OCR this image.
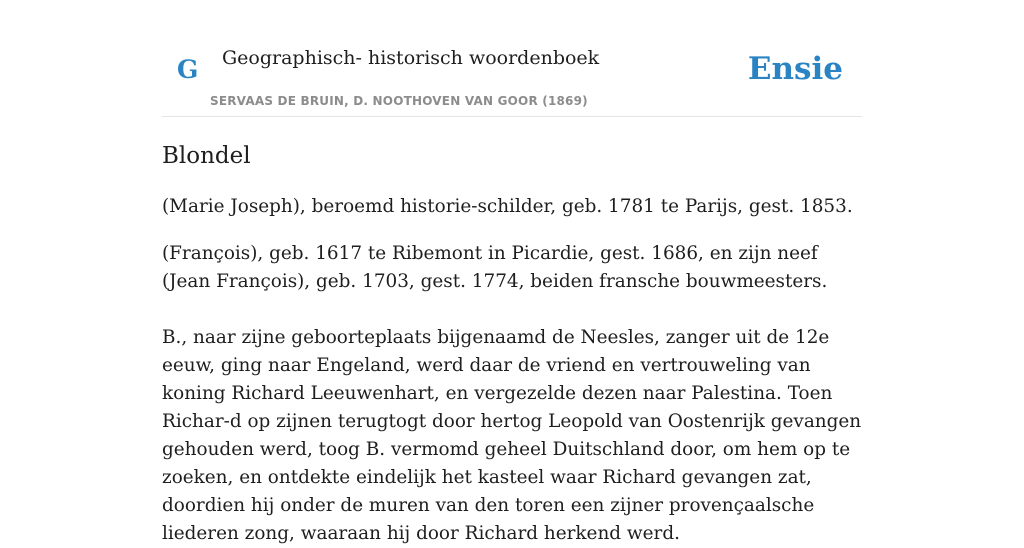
G Geographisch- historisch woordenboek
SERVAAS DE BRUIN, D. NOOTHOVEN VAN GOOR (1869)
Ensie
Blondel

(Marie Joseph), beroemd historie-schilder, geb. 1781 te Parijs, gest. 1853.

(François), geb. 1617 te Ribemont in Picardie, gest. 1686, en zijn neef (Jean François), geb. 1703, gest. 1774, beiden fransche bouwmeesters.

B., naar zijne geboorteplaats bijgenaamd de Neesles, zanger uit de 12e eeuw, ging naar Engeland, werd daar de vriend en vertrouweling van koning Richard Leeuwenhart, en vergezelde dezen naar Palestina. Toen Richar-d op zijnen terugtogt door hertog Leopold van Oostenrijk gevangen gehouden werd, toog B. vermomd geheel Duitschland door, om hem op te zoeken, en ontdekte eindelijk het kasteel waar Richard gevangen zat, doordien hij onder de muren van den toren een zijner provençaalsche liederen zong, waaraan hij door Richard herkend werd.
